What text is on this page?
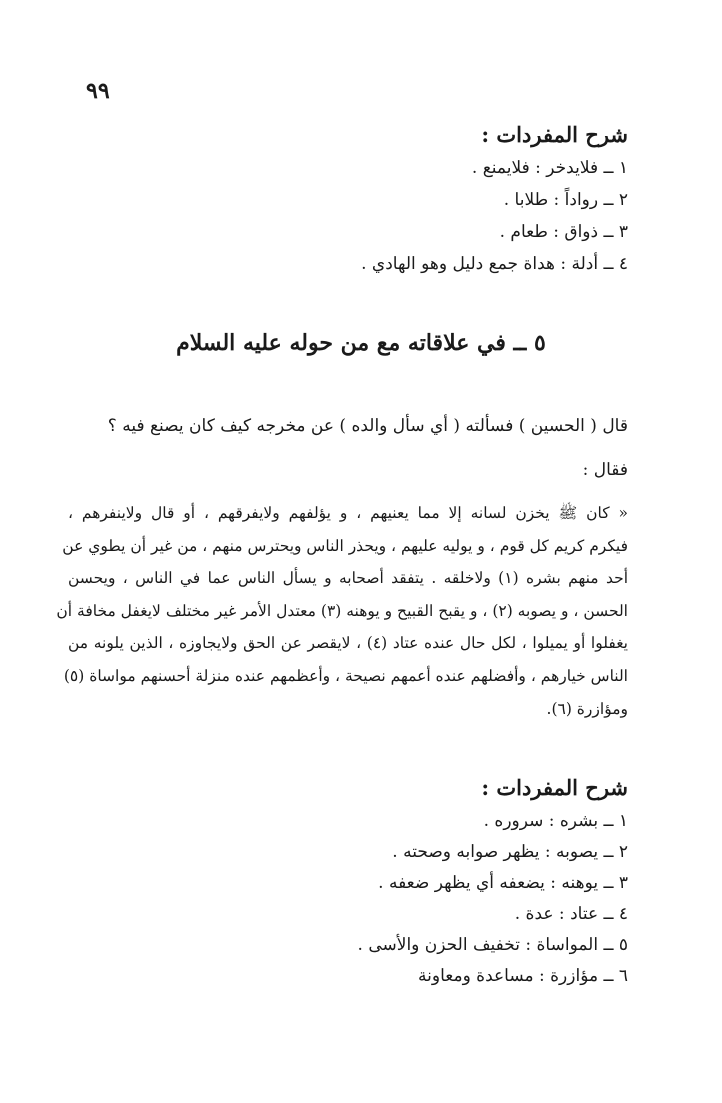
٩٩

شرح المفردات :

١ ــ فلايدخر : فلايمنع .

٢ ــ رواداً : طلابا .

٣ ــ ذواق : طعام .

٤ ــ أدلة : هداة جمع دليل وهو الهادي .

٥ ــ في علاقاته مع من حوله عليه السلام
قال ( الحسين ) فسألته ( أي سأل والده ) عن مخرجه كيف كان يصنع فيه ؟
فقال :
« كان ﷺ يخزن لسانه إلا مما يعنيهم ، و يؤلفهم ولايفرقهم ، أو قال ولاينفرهم ،
فيكرم كريم كل قوم ، و يوليه عليهم ، ويحذر الناس ويحترس منهم ، من غير أن يطوي عن
أحد منهم بشره (١) ولاخلقه . يتفقد أصحابه و يسأل الناس عما في الناس ، ويحسن
الحسن ، و يصوبه (٢) ، و يقبح القبيح و يوهنه (٣) معتدل الأمر غير مختلف لايغفل مخافة أن
يغفلوا أو يميلوا ، لكل حال عنده عتاد (٤) ، لايقصر عن الحق ولايجاوزه ، الذين يلونه من
الناس خيارهم ، وأفضلهم عنده أعمهم نصيحة ، وأعظمهم عنده منزلة أحسنهم مواساة (٥)
ومؤازرة (٦).

شرح المفردات :

١ ــ بشره : سروره .

٢ ــ يصوبه : يظهر صوابه وصحته .

٣ ــ يوهنه : يضعفه أي يظهر ضعفه .

٤ ــ عتاد : عدة .

٥ ــ المواساة : تخفيف الحزن والأسى .

٦ ــ مؤازرة : مساعدة ومعاونة
